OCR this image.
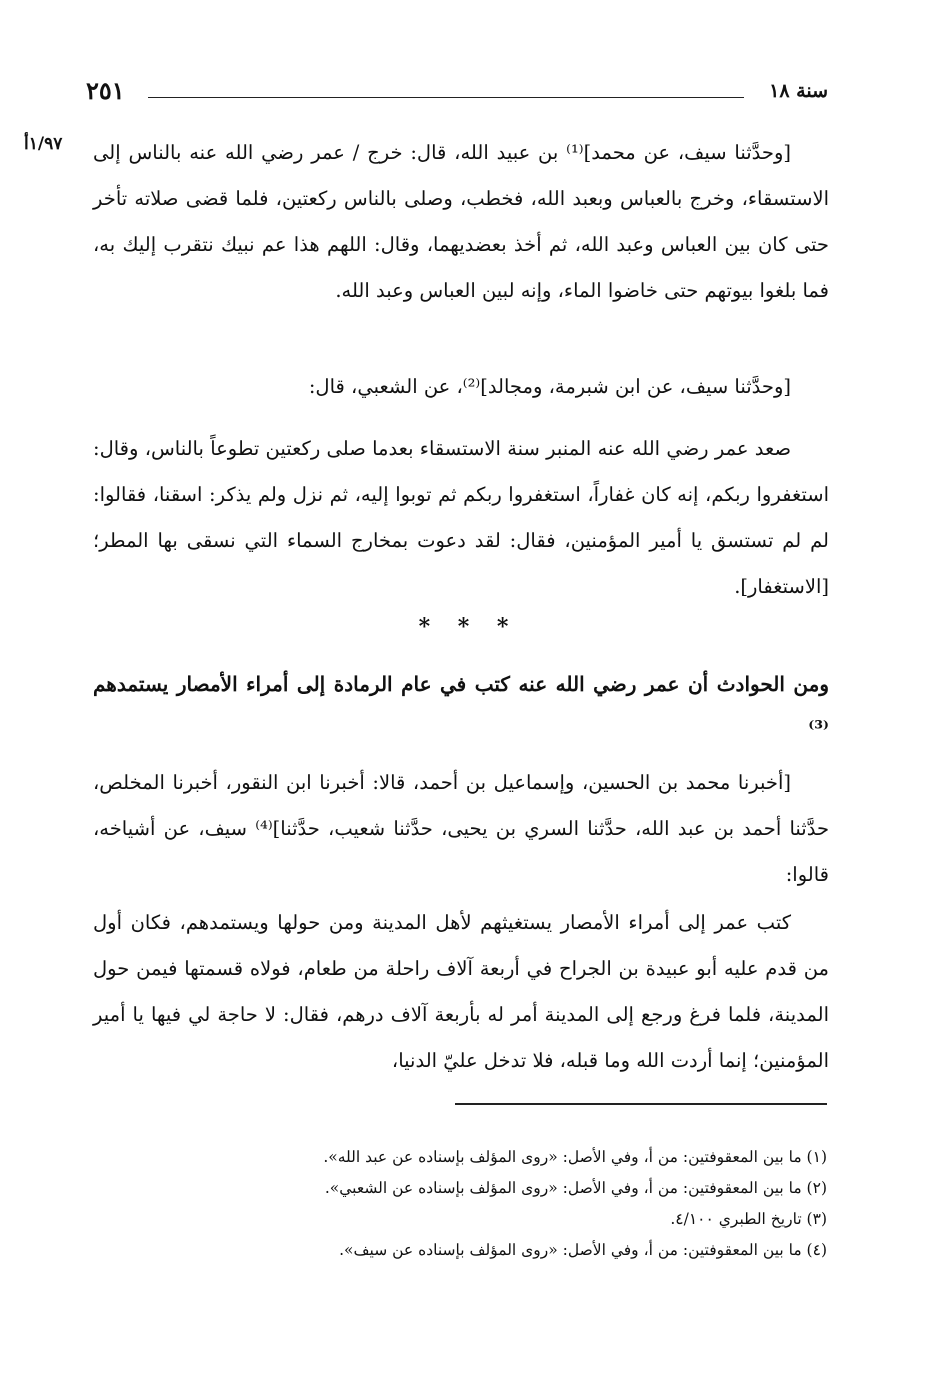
سنة ١٨
٢٥١
١/٩٧أ [وحدَّثنا سيف، عن محمد]⁽¹⁾ بن عبيد الله، قال: خرج / عمر رضي الله عنه بالناس إلى الاستسقاء، وخرج بالعباس وبعبد الله، فخطب، وصلى بالناس ركعتين، فلما قضى صلاته تأخر حتى كان بين العباس وعبد الله، ثم أخذ بعضديهما، وقال: اللهم هذا عم نبيك نتقرب إليك به، فما بلغوا بيوتهم حتى خاضوا الماء، وإنه لبين العباس وعبد الله.

[وحدَّثنا سيف، عن ابن شبرمة، ومجالد]⁽²⁾، عن الشعبي، قال:

صعد عمر رضي الله عنه المنبر سنة الاستسقاء بعدما صلى ركعتين تطوعاً بالناس، وقال: استغفروا ربكم، إنه كان غفاراً، استغفروا ربكم ثم توبوا إليه، ثم نزل ولم يذكر: اسقنا، فقالوا: لم لم تستسق يا أمير المؤمنين، فقال: لقد دعوت بمخارج السماء التي نسقى بها المطر؛ [الاستغفار].

* * *
ومن الحوادث أن عمر رضي الله عنه كتب في عام الرمادة إلى أمراء الأمصار يستمدهم ⁽³⁾

[أخبرنا محمد بن الحسين، وإسماعيل بن أحمد، قالا: أخبرنا ابن النقور، أخبرنا المخلص، حدَّثنا أحمد بن عبد الله، حدَّثنا السري بن يحيى، حدَّثنا شعيب، حدَّثنا]⁽⁴⁾ سيف، عن أشياخه، قالوا:

كتب عمر إلى أمراء الأمصار يستغيثهم لأهل المدينة ومن حولها ويستمدهم، فكان أول من قدم عليه أبو عبيدة بن الجراح في أربعة آلاف راحلة من طعام، فولاه قسمتها فيمن حول المدينة، فلما فرغ ورجع إلى المدينة أمر له بأربعة آلاف درهم، فقال: لا حاجة لي فيها يا أمير المؤمنين؛ إنما أردت الله وما قبله، فلا تدخل عليّ الدنيا،

(١) ما بين المعقوفتين: من أ، وفي الأصل: «روى المؤلف بإسناده عن عبد الله».
(٢) ما بين المعقوفتين: من أ، وفي الأصل: «روى المؤلف بإسناده عن الشعبي».
(٣) تاريخ الطبري ٤/١٠٠.
(٤) ما بين المعقوفتين: من أ، وفي الأصل: «روى المؤلف بإسناده عن سيف».
